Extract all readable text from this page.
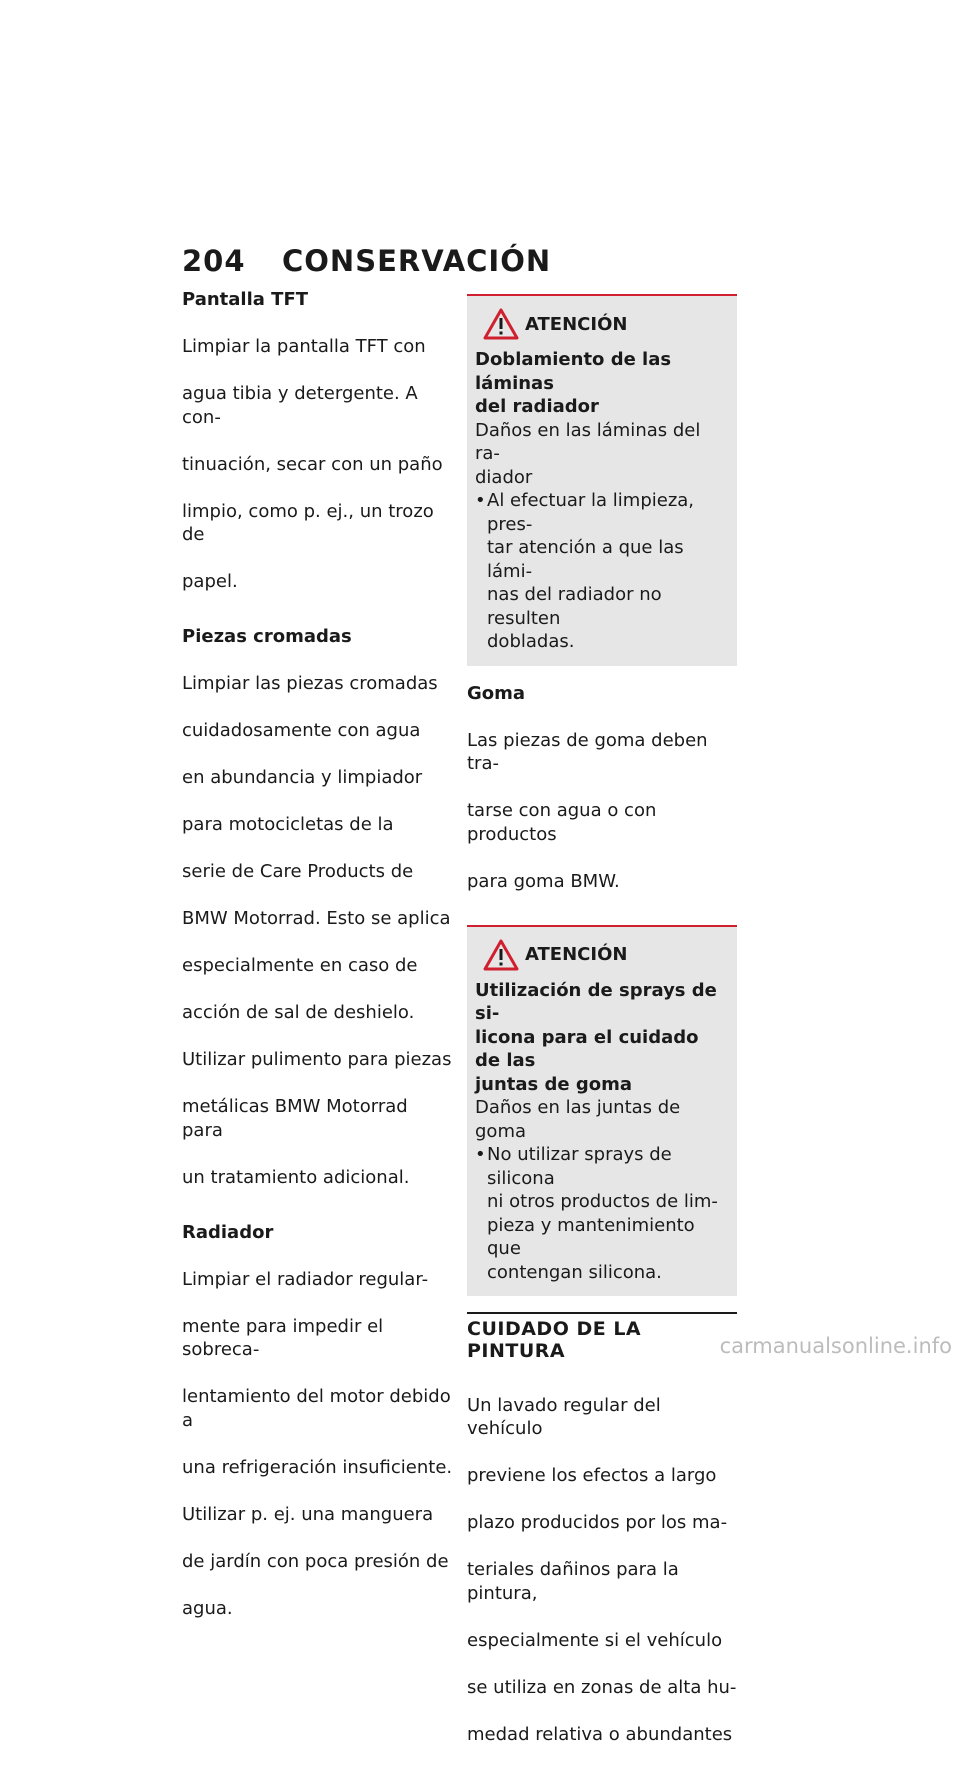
204 CONSERVACIÓN
Pantalla TFT

Limpiar la pantalla TFT con

agua tibia y detergente. A con-

tinuación, secar con un paño

limpio, como p. ej., un trozo de

papel.

Piezas cromadas

Limpiar las piezas cromadas

cuidadosamente con agua

en abundancia y limpiador

para motocicletas de la

serie de Care Products de

BMW Motorrad. Esto se aplica

especialmente en caso de

acción de sal de deshielo.

Utilizar pulimento para piezas

metálicas BMW Motorrad para

un tratamiento adicional.

Radiador

Limpiar el radiador regular-

mente para impedir el sobreca-

lentamiento del motor debido a

una refrigeración insuficiente.

Utilizar p. ej. una manguera

de jardín con poca presión de

agua.

ATENCIÓN
Doblamiento de las láminas
del radiador
Daños en las láminas del ra-
diador
• Al efectuar la limpieza, pres-
tar atención a que las lámi-
nas del radiador no resulten
dobladas.
Goma

Las piezas de goma deben tra-

tarse con agua o con productos

para goma BMW.

ATENCIÓN
Utilización de sprays de si-
licona para el cuidado de las
juntas de goma
Daños en las juntas de goma
• No utilizar sprays de silicona
ni otros productos de lim-
pieza y mantenimiento que
contengan silicona.
CUIDADO DE LA PINTURA

Un lavado regular del vehículo

previene los efectos a largo

plazo producidos por los ma-

teriales dañinos para la pintura,

especialmente si el vehículo

se utiliza en zonas de alta hu-

medad relativa o abundantes

carmanualsonline.info
